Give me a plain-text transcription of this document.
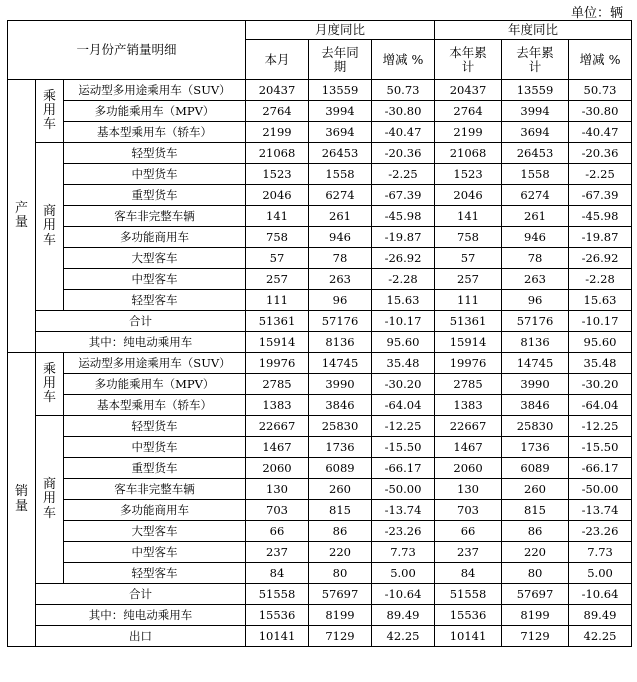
单位：辆
一月份产销量明细			月度同比			年度同比		
			本月	去年同期	增减 %	本年累计	去年累计	增减 %

产
量	乘
用
车	运动型多用途乘用车（SUV）	20437	13559	50.73	20437	13559	50.73
		多功能乘用车（MPV）	2764	3994	-30.80	2764	3994	-30.80
		基本型乘用车（轿车）	2199	3694	-40.47	2199	3694	-40.47

	商
用
车	轻型货车	21068	26453	-20.36	21068	26453	-20.36
		中型货车	1523	1558	-2.25	1523	1558	-2.25
		重型货车	2046	6274	-67.39	2046	6274	-67.39
		客车非完整车辆	141	261	-45.98	141	261	-45.98
		多功能商用车	758	946	-19.87	758	946	-19.87
		大型客车	57	78	-26.92	57	78	-26.92
		中型客车	257	263	-2.28	257	263	-2.28
		轻型客车	111	96	15.63	111	96	15.63
	合计		51361	57176	-10.17	51361	57176	-10.17
	其中：纯电动乘用车		15914	8136	95.60	15914	8136	95.60

销
量	乘
用
车	运动型多用途乘用车（SUV）	19976	14745	35.48	19976	14745	35.48
		多功能乘用车（MPV）	2785	3990	-30.20	2785	3990	-30.20
		基本型乘用车（轿车）	1383	3846	-64.04	1383	3846	-64.04

	商
用
车	轻型货车	22667	25830	-12.25	22667	25830	-12.25
		中型货车	1467	1736	-15.50	1467	1736	-15.50
		重型货车	2060	6089	-66.17	2060	6089	-66.17
		客车非完整车辆	130	260	-50.00	130	260	-50.00
		多功能商用车	703	815	-13.74	703	815	-13.74
		大型客车	66	86	-23.26	66	86	-23.26
		中型客车	237	220	7.73	237	220	7.73
		轻型客车	84	80	5.00	84	80	5.00
	合计		51558	57697	-10.64	51558	57697	-10.64
	其中：纯电动乘用车		15536	8199	89.49	15536	8199	89.49
	出口		10141	7129	42.25	10141	7129	42.25
